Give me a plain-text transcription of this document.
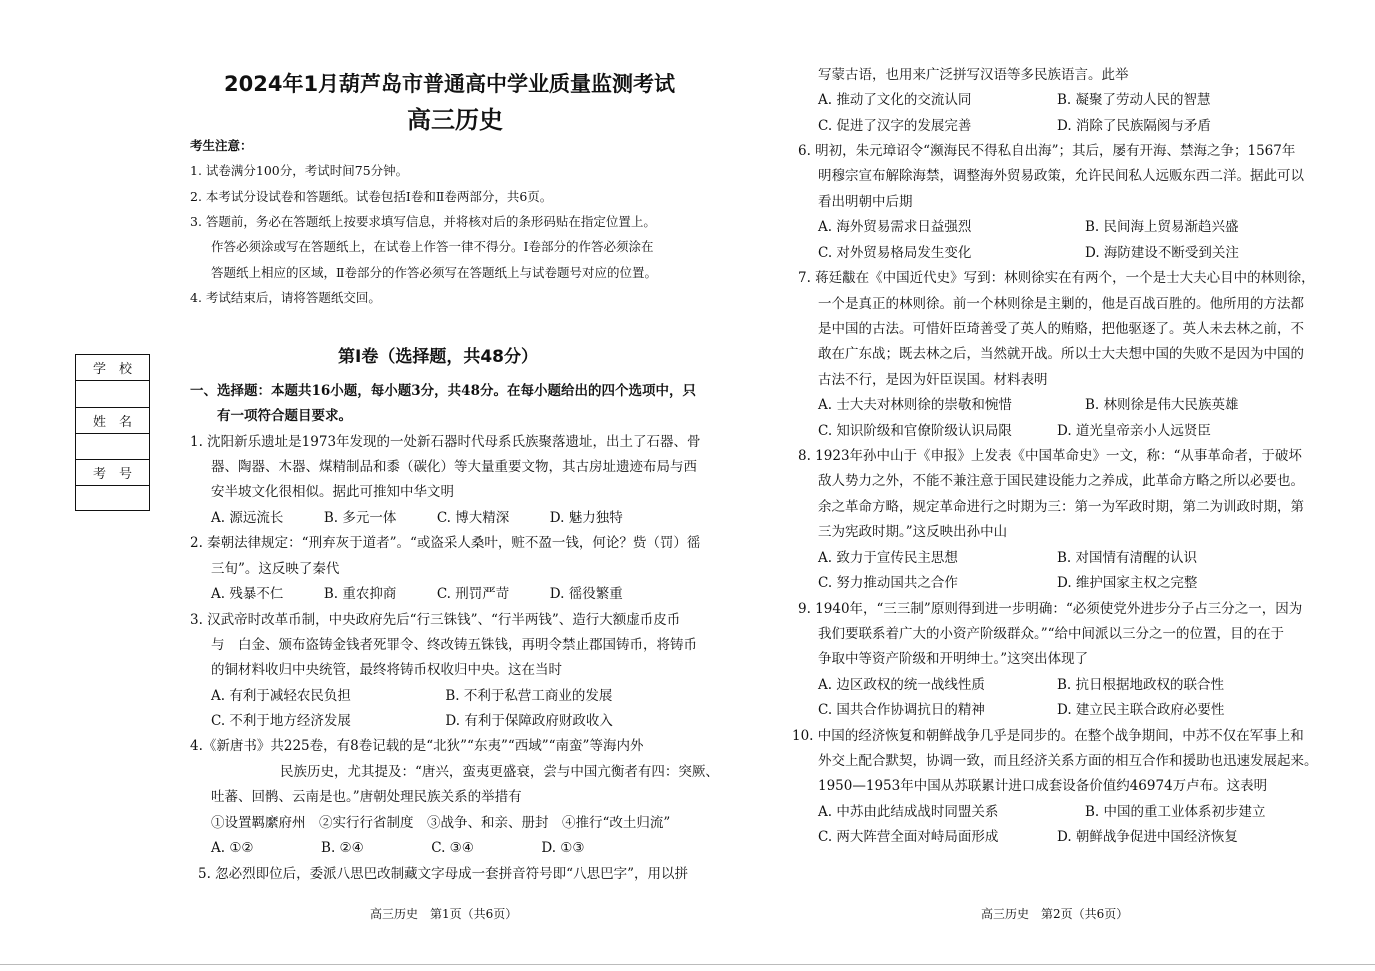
2024年1月葫芦岛市普通高中学业质量监测考试
高三历史
考生注意：
1. 试卷满分100分，考试时间75分钟。
2. 本考试分设试卷和答题纸。试卷包括Ⅰ卷和Ⅱ卷两部分，共6页。
3. 答题前，务必在答题纸上按要求填写信息，并将核对后的条形码贴在指定位置上。
作答必须涂或写在答题纸上，在试卷上作答一律不得分。Ⅰ卷部分的作答必须涂在
答题纸上相应的区域，Ⅱ卷部分的作答必须写在答题纸上与试卷题号对应的位置。
4. 考试结束后，请将答题纸交回。
学　校
姓　名
考　号
第Ⅰ卷（选择题，共48分）
一、选择题：本题共16小题，每小题3分，共48分。在每小题给出的四个选项中，只
有一项符合题目要求。
1. 沈阳新乐遗址是1973年发现的一处新石器时代母系氏族聚落遗址，出土了石器、骨
器、陶器、木器、煤精制品和黍（碳化）等大量重要文物，其古房址遗迹布局与西
安半坡文化很相似。据此可推知中华文明
A. 源远流长　　　B. 多元一体　　　C. 博大精深　　　D. 魅力独特
2. 秦朝法律规定：“刑弃灰于道者”。“或盗采人桑叶，赃不盈一钱，何论？赀（罚）徭
三旬”。这反映了秦代
A. 残暴不仁　　　B. 重农抑商　　　C. 刑罚严苛　　　D. 徭役繁重
3. 汉武帝时改革币制，中央政府先后“行三铢钱”、“行半两钱”、造行大额虚币皮币
与　白金、颁布盗铸金钱者死罪令、终改铸五铢钱，再明令禁止郡国铸币，将铸币
的铜材料收归中央统管，最终将铸币权收归中央。这在当时
A. 有利于减轻农民负担　　　　　　　B. 不利于私营工商业的发展
C. 不利于地方经济发展　　　　　　　D. 有利于保障政府财政收入
4.《新唐书》共225卷，有8卷记载的是“北狄”“东夷”“西域”“南蛮”等海内外
民族历史，尤其提及：“唐兴，蛮夷更盛衰，尝与中国亢衡者有四：突厥、
吐蕃、回鹘、云南是也。”唐朝处理民族关系的举措有
①设置羁縻府州　②实行行省制度　③战争、和亲、册封　④推行“改土归流”
A. ①②　　　　　B. ②④　　　　　C. ③④　　　　　D. ①③
5. 忽必烈即位后，委派八思巴改制藏文字母成一套拼音符号即“八思巴字”，用以拼
写蒙古语，也用来广泛拼写汉语等多民族语言。此举
A. 推动了文化的交流认同	B. 凝聚了劳动人民的智慧
C. 促进了汉字的发展完善	D. 消除了民族隔阂与矛盾
6. 明初，朱元璋诏令“濒海民不得私自出海”；其后，屡有开海、禁海之争；1567年
明穆宗宣布解除海禁，调整海外贸易政策，允许民间私人远贩东西二洋。据此可以
看出明朝中后期
A. 海外贸易需求日益强烈	B. 民间海上贸易渐趋兴盛
C. 对外贸易格局发生变化	D. 海防建设不断受到关注
7. 蒋廷黻在《中国近代史》写到：林则徐实在有两个，一个是士大夫心目中的林则徐，
一个是真正的林则徐。前一个林则徐是主剿的，他是百战百胜的。他所用的方法都
是中国的古法。可惜奸臣琦善受了英人的贿赂，把他驱逐了。英人未去林之前，不
敢在广东战；既去林之后，当然就开战。所以士大夫想中国的失败不是因为中国的
古法不行，是因为奸臣误国。材料表明
A. 士大夫对林则徐的崇敬和惋惜	B. 林则徐是伟大民族英雄
C. 知识阶级和官僚阶级认识局限	D. 道光皇帝亲小人远贤臣
8. 1923年孙中山于《申报》上发表《中国革命史》一文，称：“从事革命者，于破坏
敌人势力之外，不能不兼注意于国民建设能力之养成，此革命方略之所以必要也。
余之革命方略，规定革命进行之时期为三：第一为军政时期，第二为训政时期，第
三为宪政时期。”这反映出孙中山
A. 致力于宣传民主思想	B. 对国情有清醒的认识
C. 努力推动国共之合作	D. 维护国家主权之完整
9. 1940年，“三三制”原则得到进一步明确：“必须使党外进步分子占三分之一，因为
我们要联系着广大的小资产阶级群众。”“给中间派以三分之一的位置，目的在于
争取中等资产阶级和开明绅士。”这突出体现了
A. 边区政权的统一战线性质	B. 抗日根据地政权的联合性
C. 国共合作协调抗日的精神	D. 建立民主联合政府必要性
10. 中国的经济恢复和朝鲜战争几乎是同步的。在整个战争期间，中苏不仅在军事上和
外交上配合默契，协调一致，而且经济关系方面的相互合作和援助也迅速发展起来。
1950—1953年中国从苏联累计进口成套设备价值约46974万卢布。这表明
A. 中苏由此结成战时同盟关系	B. 中国的重工业体系初步建立
C. 两大阵营全面对峙局面形成	D. 朝鲜战争促进中国经济恢复
高三历史　第1页（共6页）	高三历史　第2页（共6页）
